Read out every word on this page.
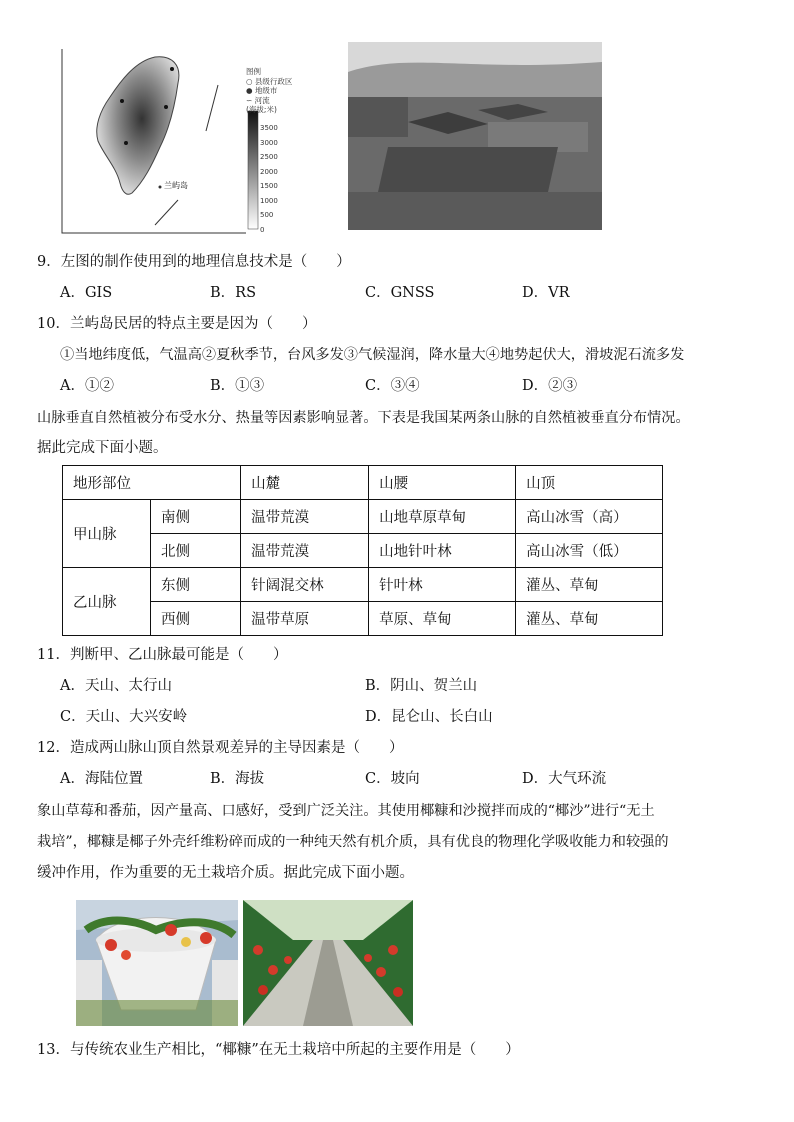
兰屿岛
图例
○ 县级行政区
● 地级市
∽ 河流
(海拔;米)
3500
3000
2500
2000
1500
1000
500
0
9．左图的制作使用到的地理信息技术是（　　）
A．GIS	B．RS	C．GNSS	D．VR
10．兰屿岛民居的特点主要是因为（　　）
①当地纬度低，气温高②夏秋季节，台风多发③气候湿润，降水量大④地势起伏大，滑坡泥石流多发
A．①②	B．①③	C．③④	D．②③
山脉垂直自然植被分布受水分、热量等因素影响显著。下表是我国某两条山脉的自然植被垂直分布情况。
据此完成下面小题。
地形部位		山麓	山腰	山顶
甲山脉	南侧	温带荒漠	山地草原草甸	高山冰雪（高）
	北侧	温带荒漠	山地针叶林	高山冰雪（低）
乙山脉	东侧	针阔混交林	针叶林	灌丛、草甸
	西侧	温带草原	草原、草甸	灌丛、草甸
11．判断甲、乙山脉最可能是（　　）
A．天山、太行山	B．阴山、贺兰山
C．天山、大兴安岭	D．昆仑山、长白山
12．造成两山脉山顶自然景观差异的主导因素是（　　）
A．海陆位置	B．海拔	C．坡向	D．大气环流
象山草莓和番茄，因产量高、口感好，受到广泛关注。其使用椰糠和沙搅拌而成的“椰沙”进行“无土
栽培”，椰糠是椰子外壳纤维粉碎而成的一种纯天然有机介质，具有优良的物理化学吸收能力和较强的
缓冲作用，作为重要的无土栽培介质。据此完成下面小题。
13．与传统农业生产相比，“椰糠”在无土栽培中所起的主要作用是（　　）
